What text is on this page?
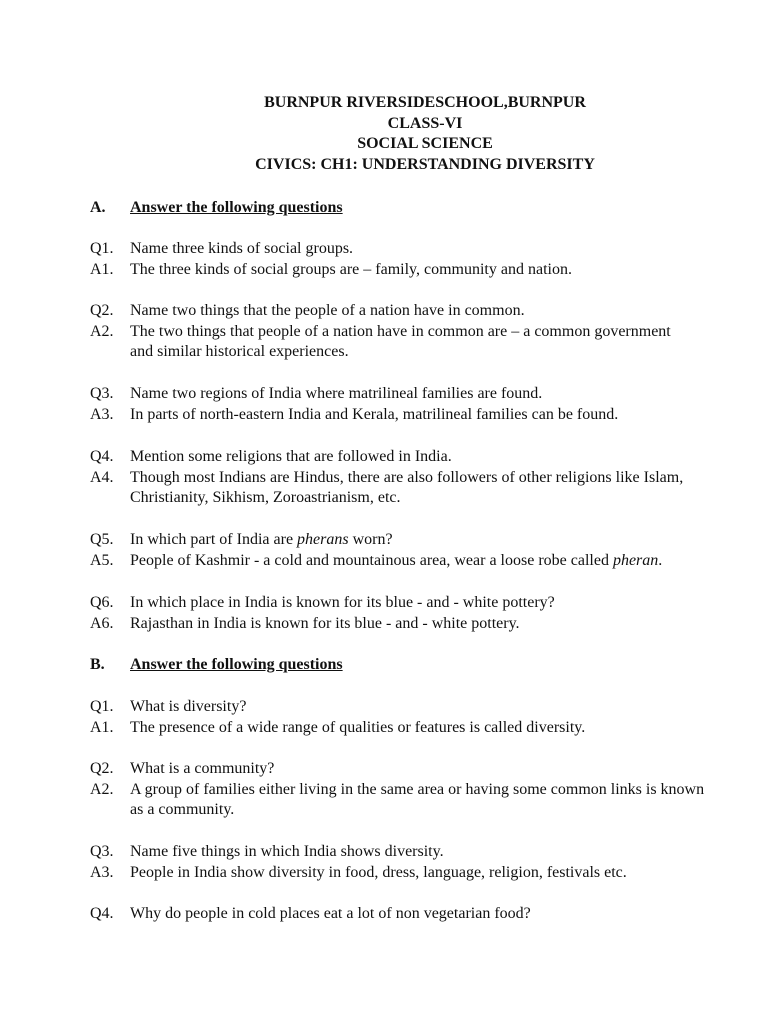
BURNPUR RIVERSIDESCHOOL,BURNPUR
CLASS-VI
SOCIAL SCIENCE
CIVICS: CH1: UNDERSTANDING DIVERSITY
A. Answer the following questions
Q1.	Name three kinds of social groups.
A1.	The three kinds of social groups are – family, community and nation.
Q2.	Name two things that the people of a nation have in common.
A2.	The two things that people of a nation have in common are – a common government and similar historical experiences.
Q3.	Name two regions of India where matrilineal families are found.
A3.	In parts of north-eastern India and Kerala, matrilineal families can be found.
Q4.	Mention some religions that are followed in India.
A4.	Though most Indians are Hindus, there are also followers of other religions like Islam, Christianity, Sikhism, Zoroastrianism, etc.
Q5.	In which part of India are pherans worn?
A5.	People of Kashmir - a cold and mountainous area, wear a loose robe called pheran.
Q6.	In which place in India is known for its blue - and - white pottery?
A6.	Rajasthan in India is known for its blue - and - white pottery.
B. Answer the following questions
Q1.	What is diversity?
A1.	The presence of a wide range of qualities or features is called diversity.
Q2.	What is a community?
A2.	A group of families either living in the same area or having some common links is known as a community.
Q3.	Name five things in which India shows diversity.
A3.	People in India show diversity in food, dress, language, religion, festivals etc.
Q4.	Why do people in cold places eat a lot of non vegetarian food?
